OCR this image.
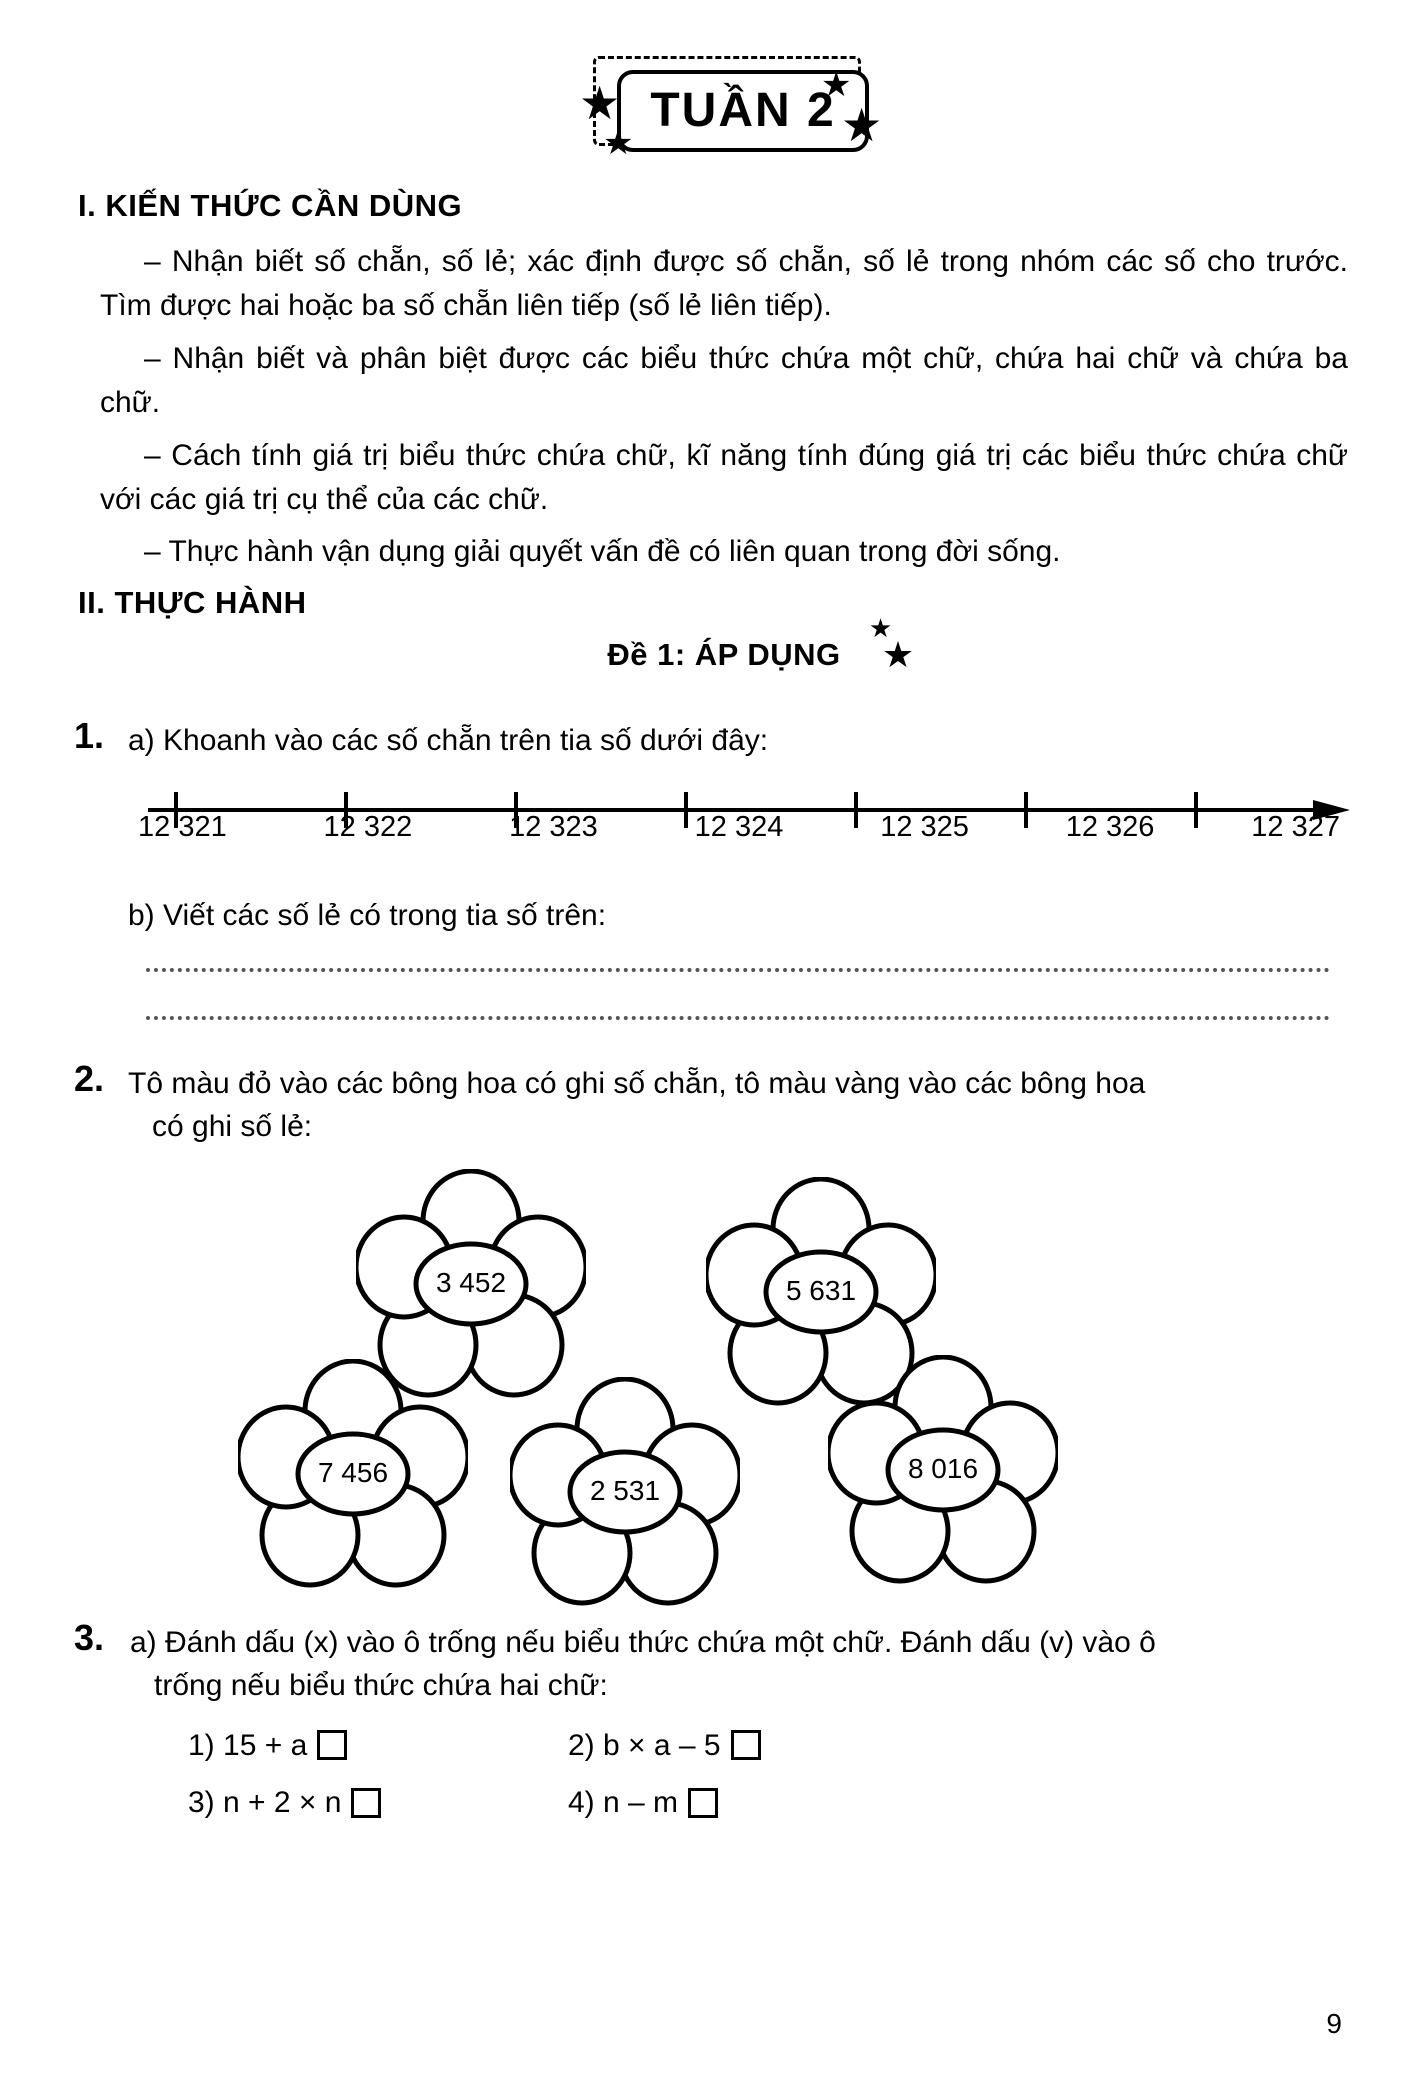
TUẦN 2
★
★
★
★
I. KIẾN THỨC CẦN DÙNG

– Nhận biết số chẵn, số lẻ; xác định được số chẵn, số lẻ trong nhóm các số cho trước. Tìm được hai hoặc ba số chẵn liên tiếp (số lẻ liên tiếp).

– Nhận biết và phân biệt được các biểu thức chứa một chữ, chứa hai chữ và chứa ba chữ.

– Cách tính giá trị biểu thức chứa chữ, kĩ năng tính đúng giá trị các biểu thức chứa chữ với các giá trị cụ thể của các chữ.

– Thực hành vận dụng giải quyết vấn đề có liên quan trong đời sống.

II. THỰC HÀNH
Đề 1: ÁP DỤNG
★
★
1. a) Khoanh vào các số chẵn trên tia số dưới đây:
12 321	12 322	12 323	12 324	12 325	12 326	12 327
b) Viết các số lẻ có trong tia số trên:
2. Tô màu đỏ vào các bông hoa có ghi số chẵn, tô màu vàng vào các bông hoa
có ghi số lẻ:
3 452	5 631
7 456
2 531
8 016
3. a) Đánh dấu (x) vào ô trống nếu biểu thức chứa một chữ. Đánh dấu (v) vào ô
trống nếu biểu thức chứa hai chữ:
1) 15 + a	2) b × a – 5
3) n + 2 × n	4) n – m
9
